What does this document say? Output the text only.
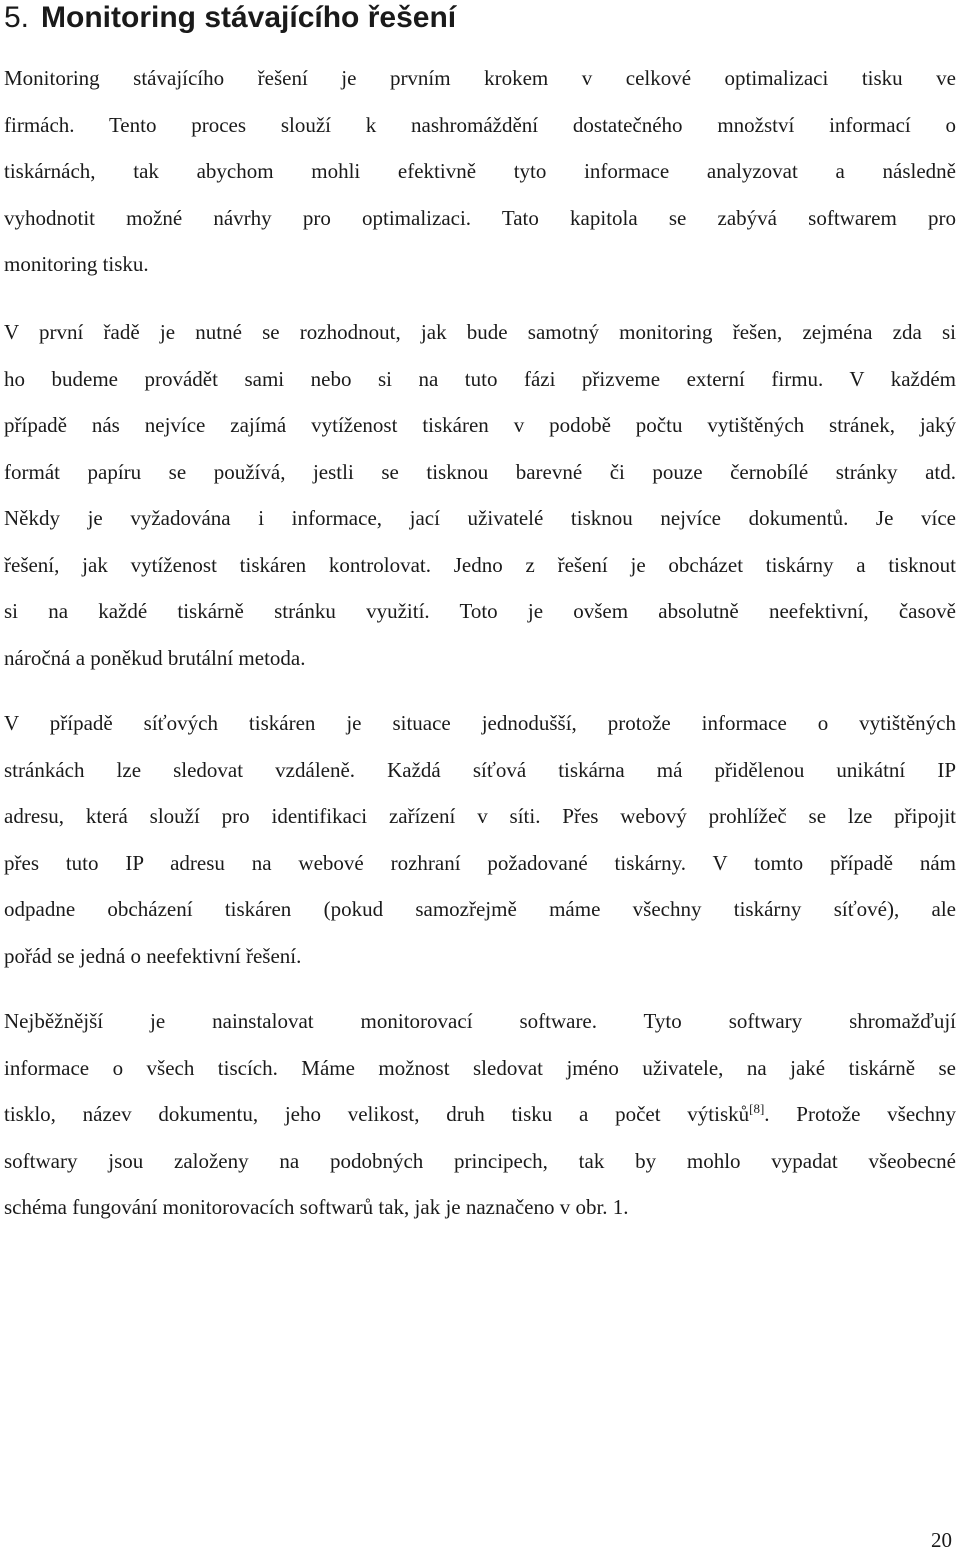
5. Monitoring stávajícího řešení

Monitoring stávajícího řešení je prvním krokem v celkové optimalizaci tisku ve
firmách. Tento proces slouží k nashromáždění dostatečného množství informací o
tiskárnách, tak abychom mohli efektivně tyto informace analyzovat a následně
vyhodnotit možné návrhy pro optimalizaci. Tato kapitola se zabývá softwarem pro
monitoring tisku.

V první řadě je nutné se rozhodnout, jak bude samotný monitoring řešen, zejména zda si
ho budeme provádět sami nebo si na tuto fázi přizveme externí firmu. V každém
případě nás nejvíce zajímá vytíženost tiskáren v podobě počtu vytištěných stránek, jaký
formát papíru se používá, jestli se tisknou barevné či pouze černobílé stránky atd.
Někdy je vyžadována i informace, jací uživatelé tisknou nejvíce dokumentů. Je více
řešení, jak vytíženost tiskáren kontrolovat. Jedno z řešení je obcházet tiskárny a tisknout
si na každé tiskárně stránku využití. Toto je ovšem absolutně neefektivní, časově
náročná a poněkud brutální metoda.

V případě síťových tiskáren je situace jednodušší, protože informace o vytištěných
stránkách lze sledovat vzdáleně. Každá síťová tiskárna má přidělenou unikátní IP
adresu, která slouží pro identifikaci zařízení v síti. Přes webový prohlížeč se lze připojit
přes tuto IP adresu na webové rozhraní požadované tiskárny. V tomto případě nám
odpadne obcházení tiskáren (pokud samozřejmě máme všechny tiskárny síťové), ale
pořád se jedná o neefektivní řešení.

Nejběžnější je nainstalovat monitorovací software. Tyto softwary shromažďují
informace o všech tiscích. Máme možnost sledovat jméno uživatele, na jaké tiskárně se
tisklo, název dokumentu, jeho velikost, druh tisku a počet výtisků[8]. Protože všechny
softwary jsou založeny na podobných principech, tak by mohlo vypadat všeobecné
schéma fungování monitorovacích softwarů tak, jak je naznačeno v obr. 1.

20
